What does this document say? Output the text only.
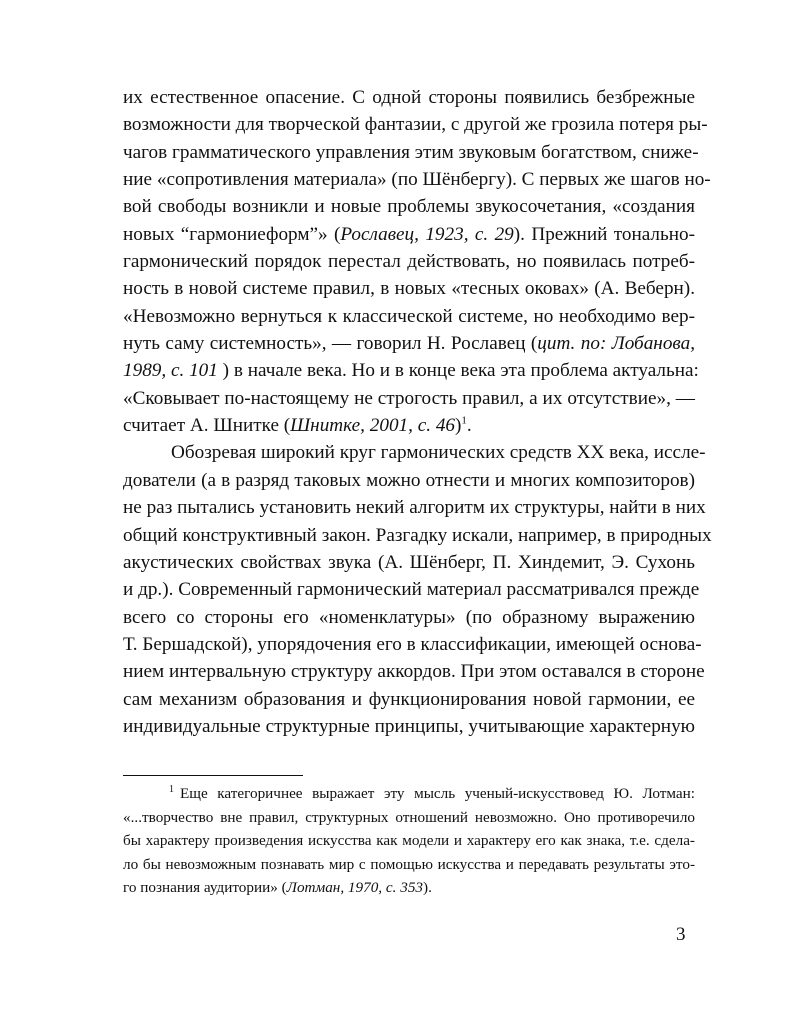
их естественное опасение. С одной стороны появились безбрежные
возможности для творческой фантазии, с другой же грозила потеря ры-
чагов грамматического управления этим звуковым богатством, сниже-
ние «сопротивления материала» (по Шёнбергу). С первых же шагов но-
вой свободы возникли и новые проблемы звукосочетания, «создания
новых “гармониеформ”» (Рославец, 1923, с. 29). Прежний тонально-
гармонический порядок перестал действовать, но появилась потреб-
ность в новой системе правил, в новых «тесных оковах» (А. Веберн).
«Невозможно вернуться к классической системе, но необходимо вер-
нуть саму системность», — говорил Н. Рославец (цит. по: Лобанова,
1989, с. 101 ) в начале века. Но и в конце века эта проблема актуальна:
«Сковывает по-настоящему не строгость правил, а их отсутствие», —
считает А. Шнитке (Шнитке, 2001, с. 46)$^1$.
Обозревая широкий круг гармонических средств ХХ века, иссле-
дователи (а в разряд таковых можно отнести и многих композиторов)
не раз пытались установить некий алгоритм их структуры, найти в них
общий конструктивный закон. Разгадку искали, например, в природных
акустических свойствах звука (А. Шёнберг, П. Хиндемит, Э. Сухонь
и др.). Современный гармонический материал рассматривался прежде
всего со стороны его «номенклатуры» (по образному выражению
Т. Бершадской), упорядочения его в классификации, имеющей основа-
нием интервальную структуру аккордов. При этом оставался в стороне
сам механизм образования и функционирования новой гармонии, ее
индивидуальные структурные принципы, учитывающие характерную
$^1$ Еще категоричнее выражает эту мысль ученый-искусствовед Ю. Лотман:
«...творчество вне правил, структурных отношений невозможно. Оно противоречило
бы характеру произведения искусства как модели и характеру его как знака, т.е. сдела-
ло бы невозможным познавать мир с помощью искусства и передавать результаты это-
го познания аудитории» (Лотман, 1970, с. 353).
3
